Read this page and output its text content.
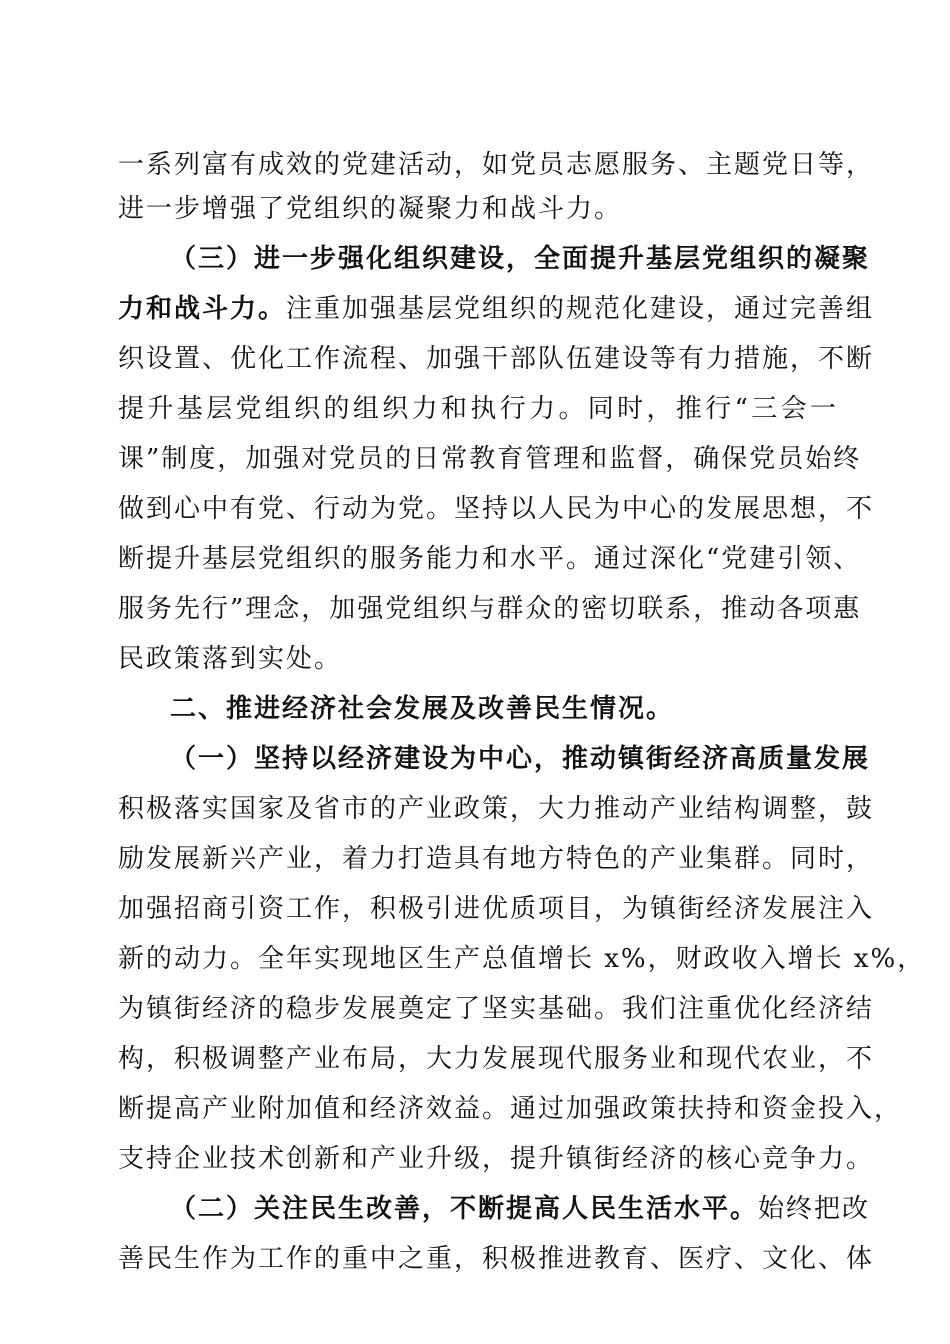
一系列富有成效的党建活动，如党员志愿服务、主题党日等，
进一步增强了党组织的凝聚力和战斗力。
（三）进一步强化组织建设，全面提升基层党组织的凝聚
力和战斗力。注重加强基层党组织的规范化建设，通过完善组
织设置、优化工作流程、加强干部队伍建设等有力措施，不断
提升基层党组织的组织力和执行力。同时，推行“三会一
课”制度，加强对党员的日常教育管理和监督，确保党员始终
做到心中有党、行动为党。坚持以人民为中心的发展思想，不
断提升基层党组织的服务能力和水平。通过深化“党建引领、
服务先行”理念，加强党组织与群众的密切联系，推动各项惠
民政策落到实处。
二、推进经济社会发展及改善民生情况。
（一）坚持以经济建设为中心，推动镇街经济高质量发展
积极落实国家及省市的产业政策，大力推动产业结构调整，鼓
励发展新兴产业，着力打造具有地方特色的产业集群。同时，
加强招商引资工作，积极引进优质项目，为镇街经济发展注入
新的动力。全年实现地区生产总值增长 x%，财政收入增长 x%，
为镇街经济的稳步发展奠定了坚实基础。我们注重优化经济结
构，积极调整产业布局，大力发展现代服务业和现代农业，不
断提高产业附加值和经济效益。通过加强政策扶持和资金投入，
支持企业技术创新和产业升级，提升镇街经济的核心竞争力。
（二）关注民生改善，不断提高人民生活水平。始终把改
善民生作为工作的重中之重，积极推进教育、医疗、文化、体
